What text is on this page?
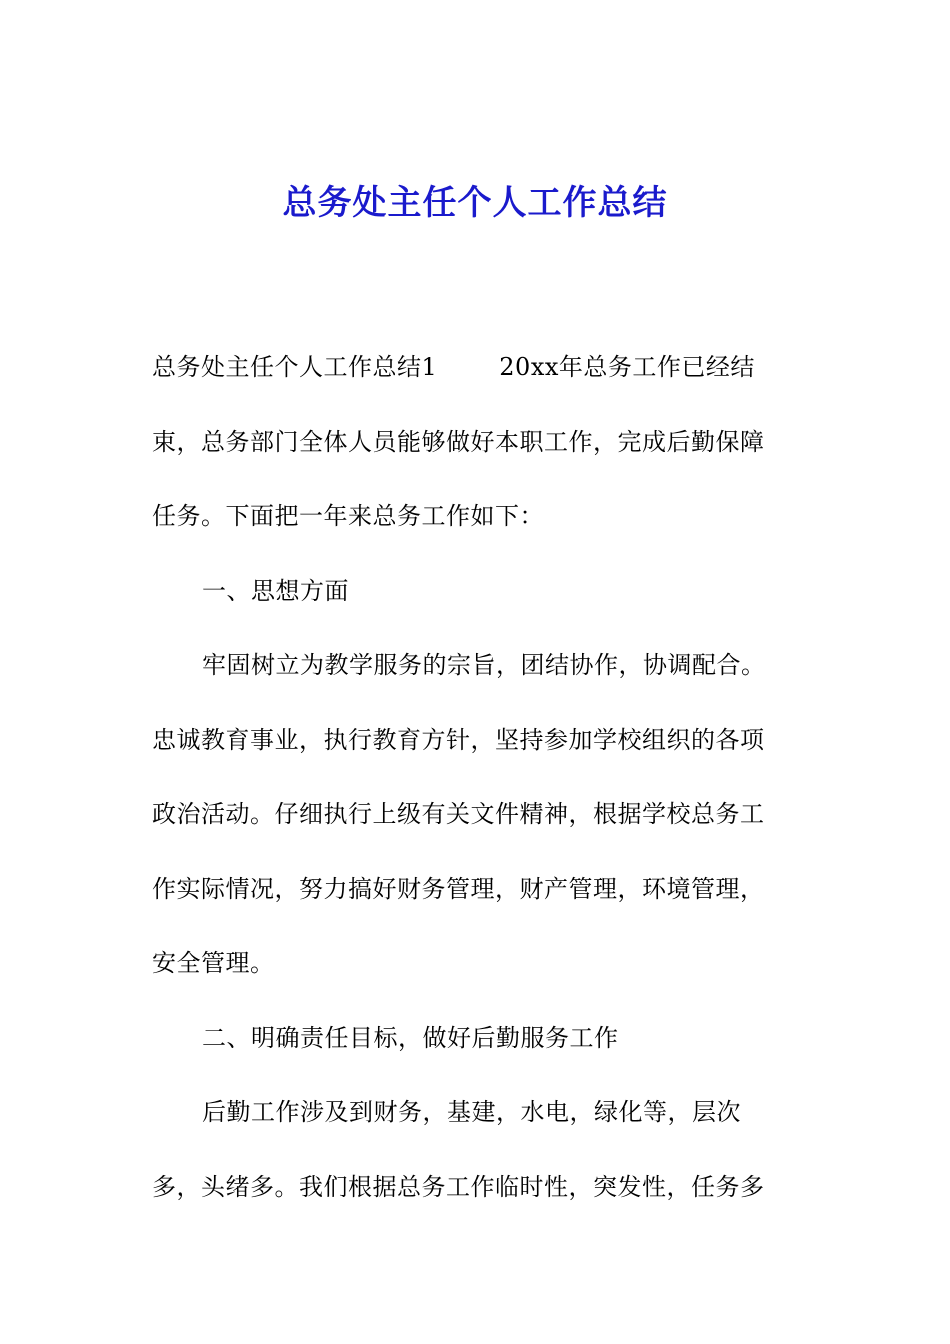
总务处主任个人工作总结
总务处主任个人工作总结1	20xx年总务工作已经结
束，总务部门全体人员能够做好本职工作，完成后勤保障
任务。下面把一年来总务工作如下：
一、思想方面
牢固树立为教学服务的宗旨，团结协作，协调配合。
忠诚教育事业，执行教育方针，坚持参加学校组织的各项
政治活动。仔细执行上级有关文件精神，根据学校总务工
作实际情况，努力搞好财务管理，财产管理，环境管理，
安全管理。
二、明确责任目标，做好后勤服务工作
后勤工作涉及到财务，基建，水电，绿化等，层次
多，头绪多。我们根据总务工作临时性，突发性，任务多
